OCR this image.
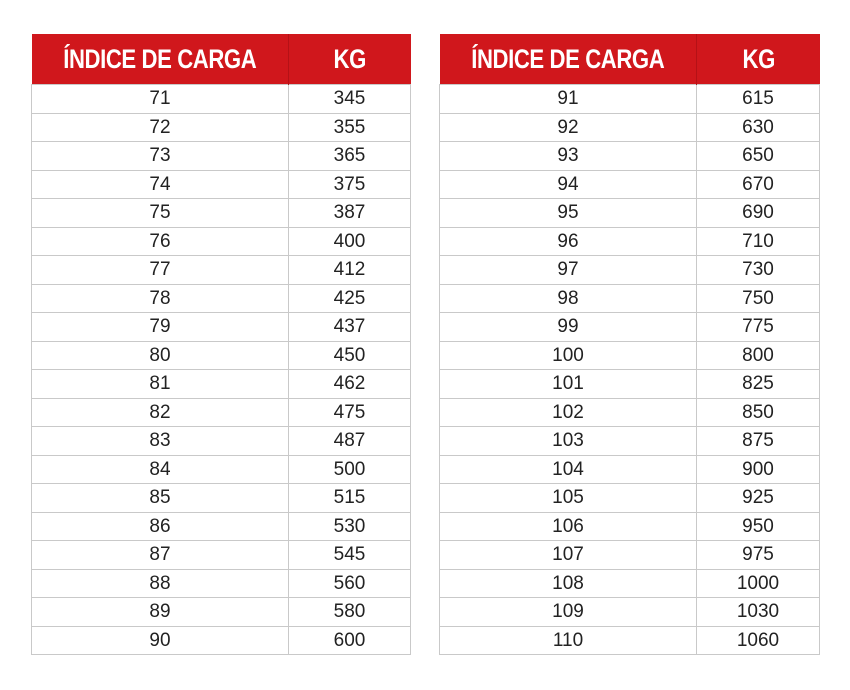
ÍNDICE DE CARGA	KG
71	345
72	355
73	365
74	375
75	387
76	400
77	412
78	425
79	437
80	450
81	462
82	475
83	487
84	500
85	515
86	530
87	545
88	560
89	580
90	600
ÍNDICE DE CARGA	KG
91	615
92	630
93	650
94	670
95	690
96	710
97	730
98	750
99	775
100	800
101	825
102	850
103	875
104	900
105	925
106	950
107	975
108	1000
109	1030
110	1060
